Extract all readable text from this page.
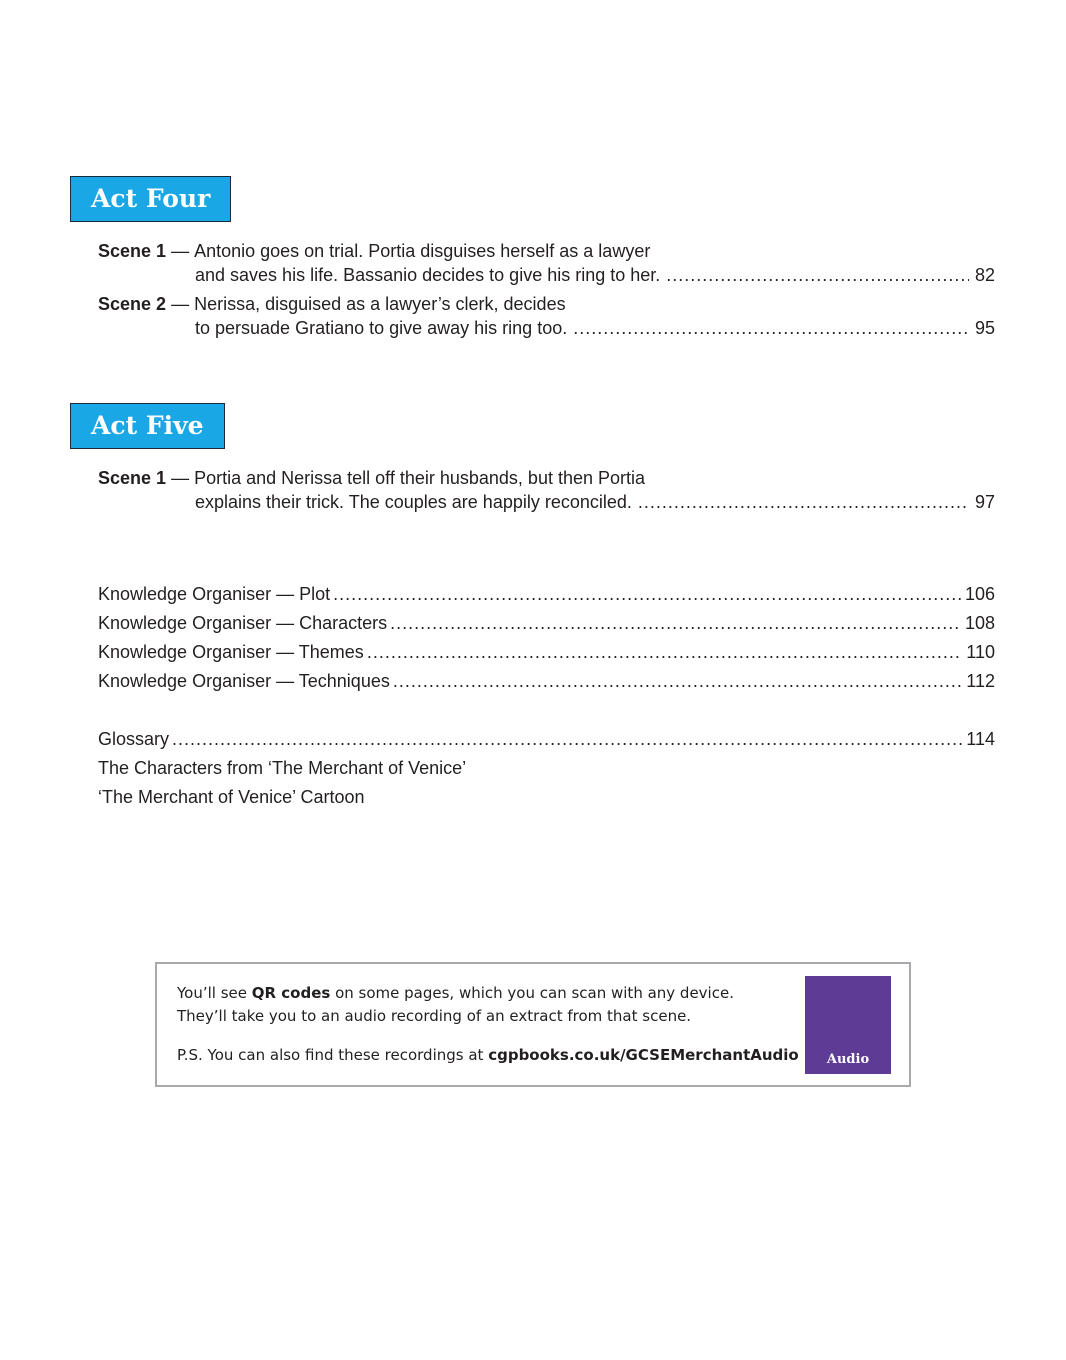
Act Four
Scene 1
—
Antonio goes on trial. Portia disguises herself as a lawyer
and saves his life. Bassanio decides to give his ring to her. .....	82
Scene 2
—
Nerissa, disguised as a lawyer’s clerk, decides
to persuade Gratiano to give away his ring too. .....	95
Act Five
Scene 1
—
Portia and Nerissa tell off their husbands, but then Portia
explains their trick. The couples are happily reconciled. .....	97
Knowledge Organiser — Plot .....	106
Knowledge Organiser — Characters .....	108
Knowledge Organiser — Themes .....	110
Knowledge Organiser — Techniques .....	112
Glossary .....	114
The Characters from ‘The Merchant of Venice’
‘The Merchant of Venice’ Cartoon
You’ll see QR codes on some pages, which you can scan with any device.
They’ll take you to an audio recording of an extract from that scene.
P.S. You can also find these recordings at cgpbooks.co.uk/GCSEMerchantAudio	Audio
